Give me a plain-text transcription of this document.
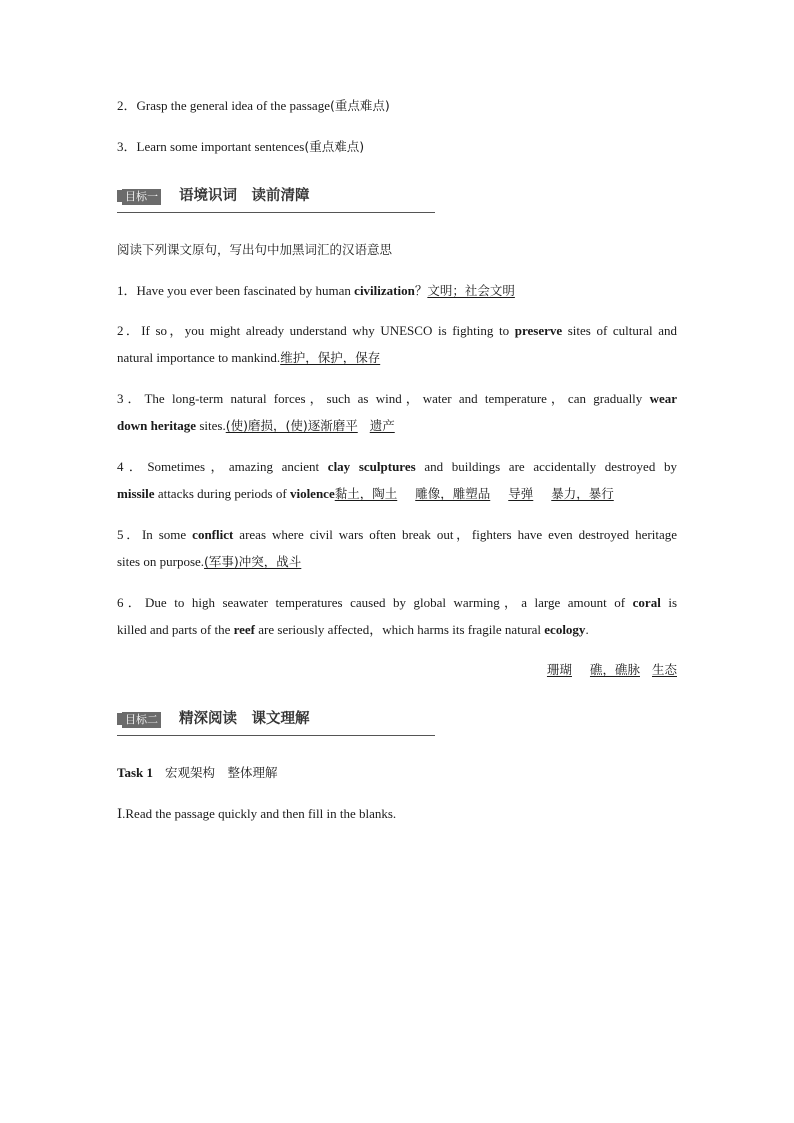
2．Grasp the general idea of the passage(重点难点)
3．Learn some important sentences(重点难点)
目标一 语境识词　读前清障
阅读下列课文原句，写出句中加黑词汇的汉语意思
1．Have you ever been fascinated by human civilization？文明；社会文明
2．If so，you might already understand why UNESCO is fighting to preserve sites of cultural and
natural importance to mankind.维护，保护，保存
3．The long-term natural forces，such as wind，water and temperature，can gradually wear
down heritage sites.(使)磨损，(使)逐渐磨平 遗产
4．Sometimes，amazing ancient clay sculptures and buildings are accidentally destroyed by
missile attacks during periods of violence黏土，陶土 雕像，雕塑品 导弹 暴力，暴行
5．In some conflict areas where civil wars often break out，fighters have even destroyed heritage
sites on purpose.(军事)冲突，战斗
6．Due to high seawater temperatures caused by global warming，a large amount of coral is
killed and parts of the reef are seriously affected，which harms its fragile natural ecology.
珊瑚 礁，礁脉 生态
目标二 精深阅读　课文理解
Task 1 宏观架构　整体理解
Ⅰ.Read the passage quickly and then fill in the blanks.
